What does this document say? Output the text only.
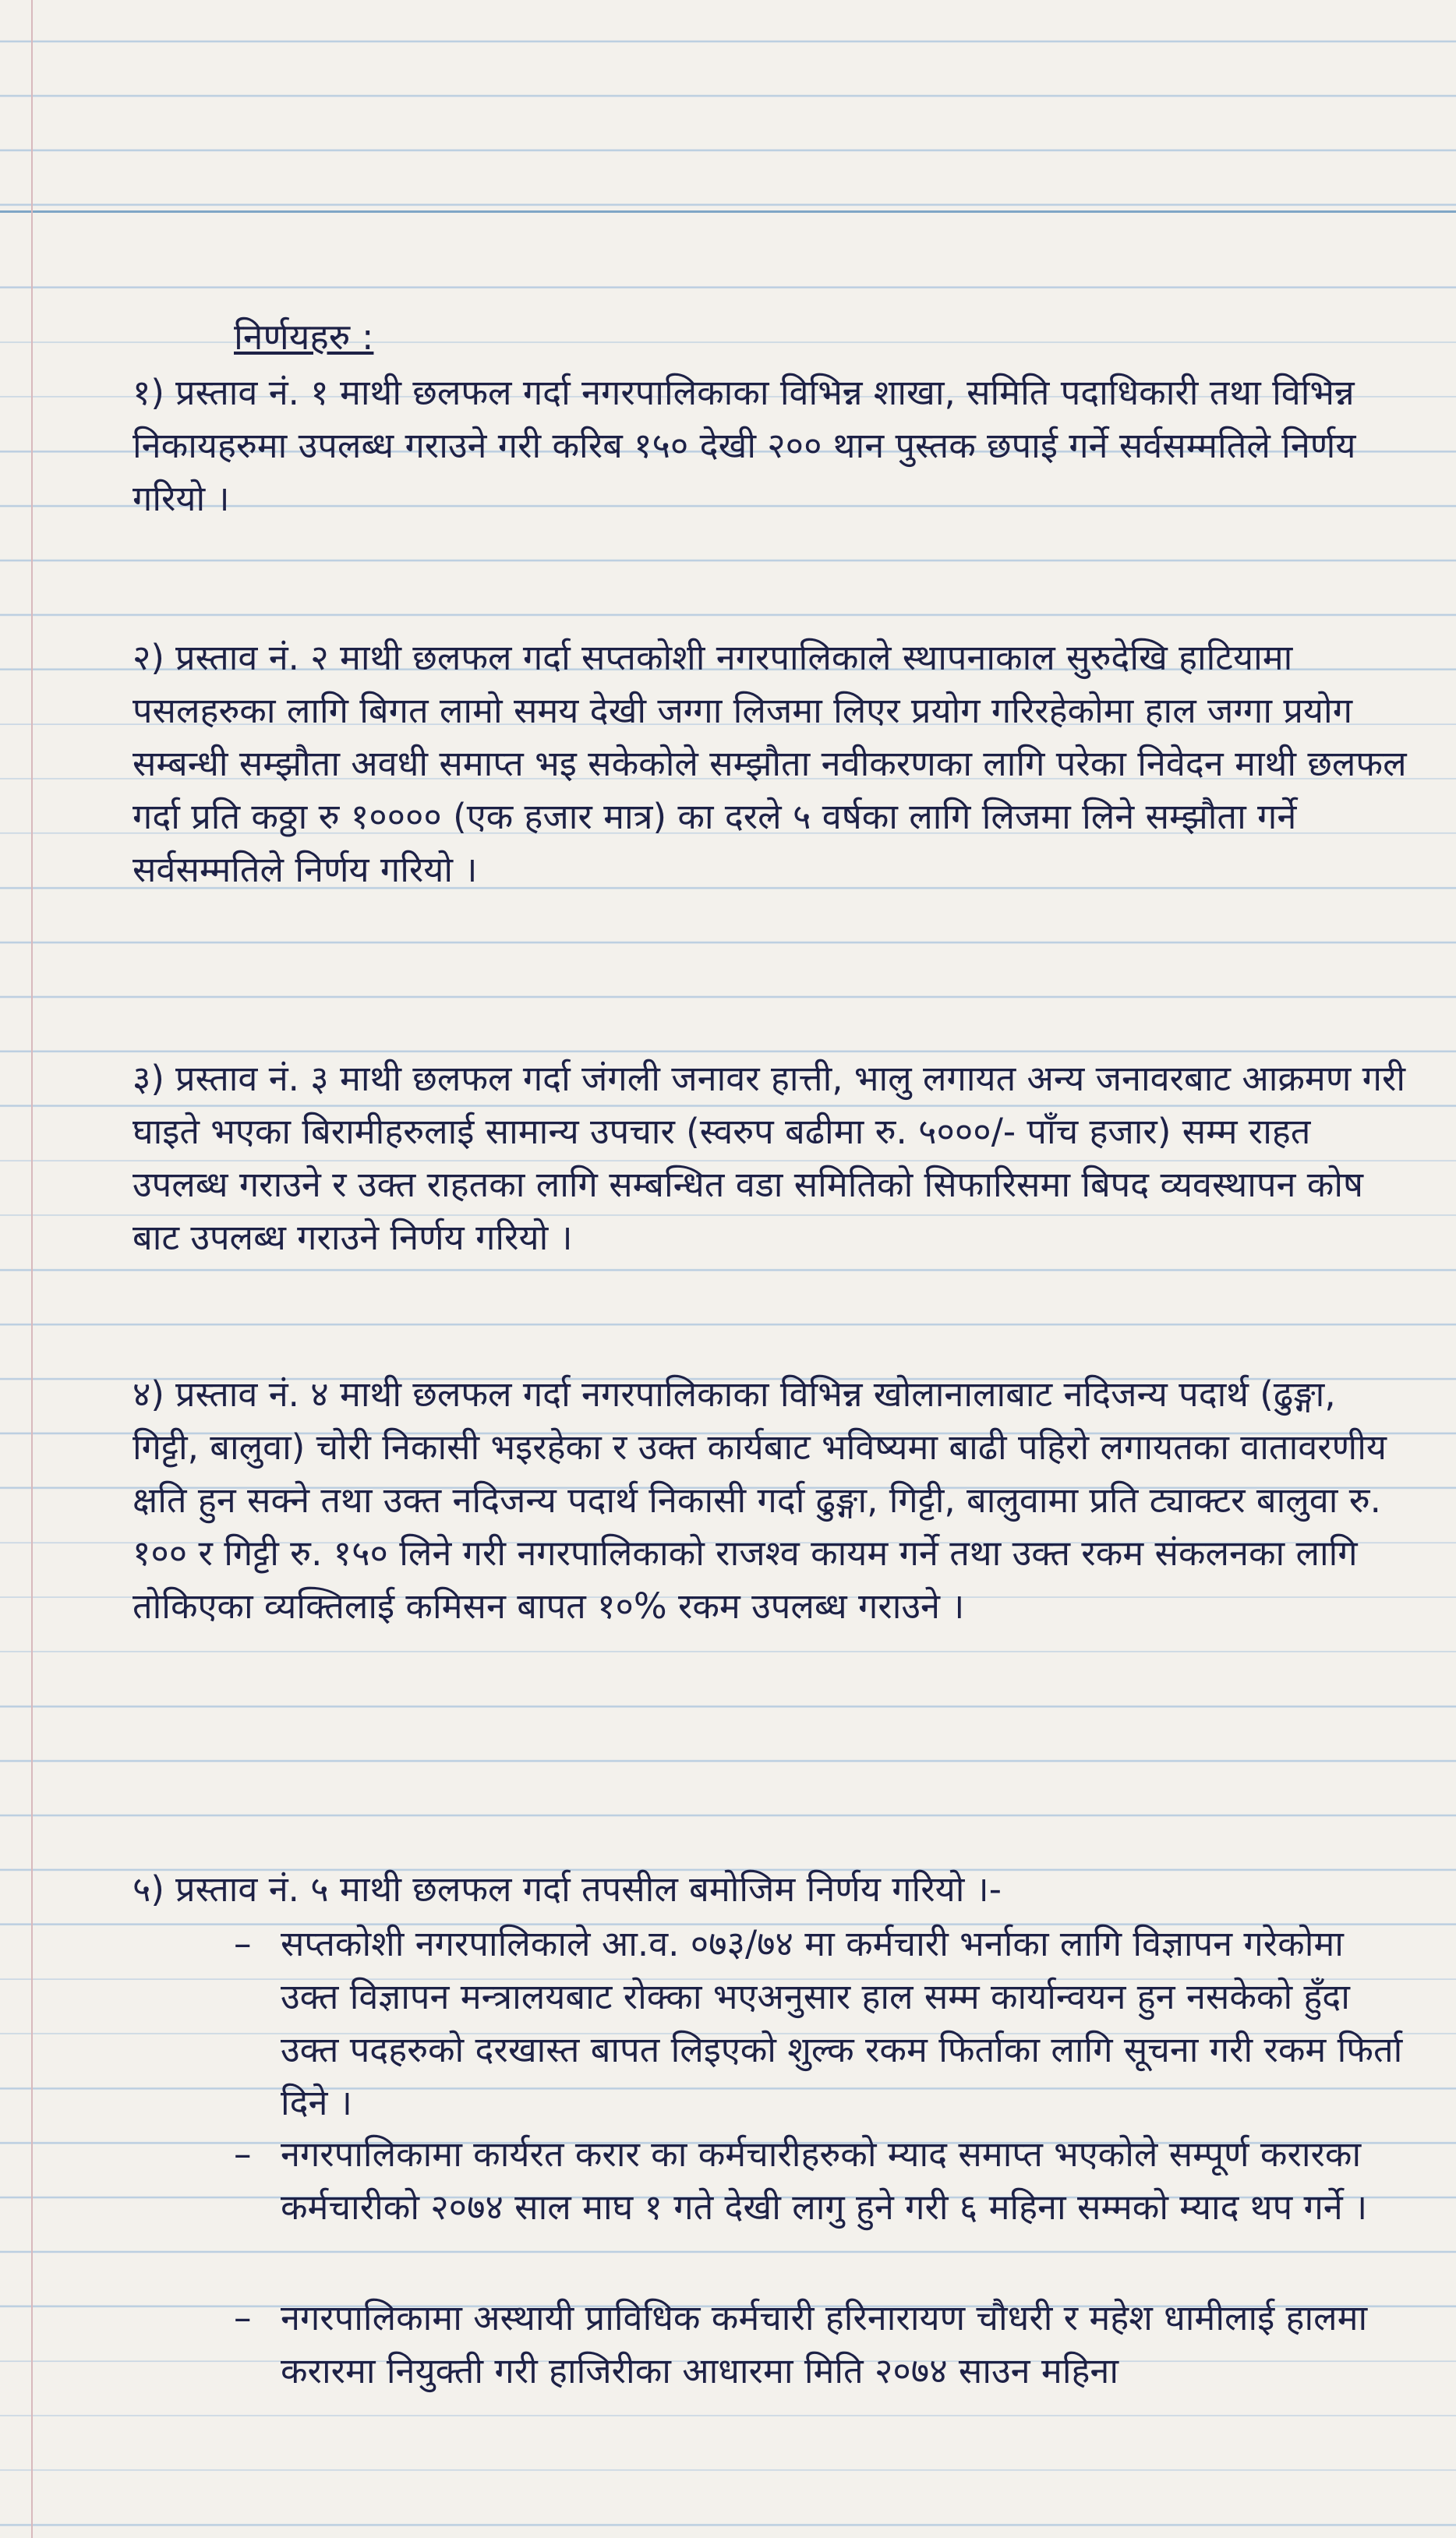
निर्णयहरु :
१) प्रस्ताव नं. १ माथी छलफल गर्दा नगरपालिकाका विभिन्न शाखा, समिति पदाधिकारी तथा विभिन्न निकायहरुमा उपलब्ध गराउने गरी करिब १५० देखी २०० थान पुस्तक छपाई गर्ने सर्वसम्मतिले निर्णय गरियो ।
२) प्रस्ताव नं. २ माथी छलफल गर्दा सप्तकोशी नगरपालिकाले स्थापनाकाल सुरुदेखि हाटियामा पसलहरुका लागि बिगत लामो समय देखी जग्गा लिजमा लिएर प्रयोग गरिरहेकोमा हाल जग्गा प्रयोग सम्बन्धी सम्झौता अवधी समाप्त भइ सकेकोले सम्झौता नवीकरणका लागि परेका निवेदन माथी छलफल गर्दा प्रति कठ्ठा रु १०००० (एक हजार मात्र) का दरले ५ वर्षका लागि लिजमा लिने सम्झौता गर्ने सर्वसम्मतिले निर्णय गरियो ।
३) प्रस्ताव नं. ३ माथी छलफल गर्दा जंगली जनावर हात्ती, भालु लगायत अन्य जनावरबाट आक्रमण गरी घाइते भएका बिरामीहरुलाई सामान्य उपचार (स्वरुप बढीमा रु. ५०००/- पाँच हजार) सम्म राहत उपलब्ध गराउने र उक्त राहतका लागि सम्बन्धित वडा समितिको सिफारिसमा बिपद व्यवस्थापन कोष बाट उपलब्ध गराउने निर्णय गरियो ।
४) प्रस्ताव नं. ४ माथी छलफल गर्दा नगरपालिकाका विभिन्न खोलानालाबाट नदिजन्य पदार्थ (ढुङ्गा, गिट्टी, बालुवा) चोरी निकासी भइरहेका र उक्त कार्यबाट भविष्यमा बाढी पहिरो लगायतका वातावरणीय क्षति हुन सक्ने तथा उक्त नदिजन्य पदार्थ निकासी गर्दा ढुङ्गा, गिट्टी, बालुवामा प्रति ट्याक्टर बालुवा रु. १०० र गिट्टी रु. १५० लिने गरी नगरपालिकाको राजश्व कायम गर्ने तथा उक्त रकम संकलनका लागि तोकिएका व्यक्तिलाई कमिसन बापत १०% रकम उपलब्ध गराउने ।
५) प्रस्ताव नं. ५ माथी छलफल गर्दा तपसील बमोजिम निर्णय गरियो ।-
– सप्तकोशी नगरपालिकाले आ.व. ०७३/७४ मा कर्मचारी भर्नाका लागि विज्ञापन गरेकोमा उक्त विज्ञापन मन्त्रालयबाट रोक्का भएअनुसार हाल सम्म कार्यान्वयन हुन नसकेको हुँदा उक्त पदहरुको दरखास्त बापत लिइएको शुल्क रकम फिर्ताका लागि सूचना गरी रकम फिर्ता दिने ।
– नगरपालिकामा कार्यरत करार का कर्मचारीहरुको म्याद समाप्त भएकोले सम्पूर्ण करारका कर्मचारीको २०७४ साल माघ १ गते देखी लागु हुने गरी ६ महिना सम्मको म्याद थप गर्ने ।
– नगरपालिकामा अस्थायी प्राविधिक कर्मचारी हरिनारायण चौधरी र महेश धामीलाई हालमा करारमा नियुक्ती गरी हाजिरीका आधारमा मिति २०७४ साउन महिना
